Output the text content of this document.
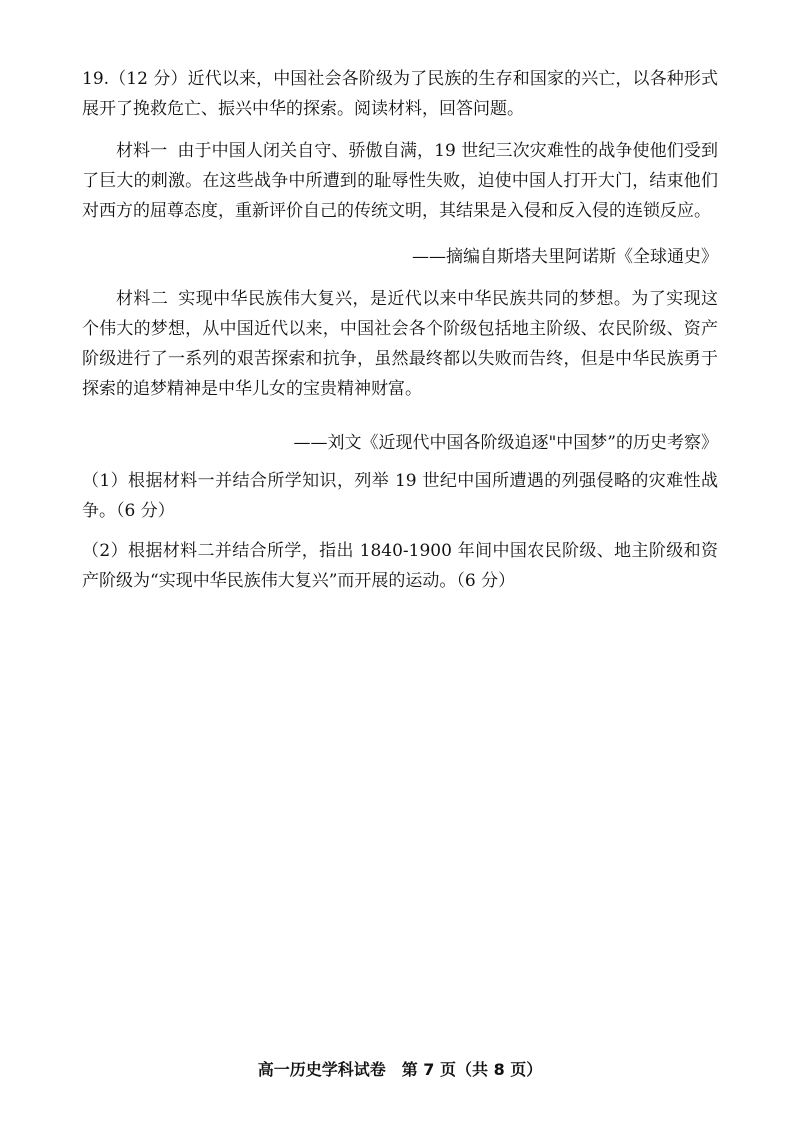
19.（12 分）近代以来，中国社会各阶级为了民族的生存和国家的兴亡，以各种形式展开了挽救危亡、振兴中华的探索。阅读材料，回答问题。

材料一 由于中国人闭关自守、骄傲自满，19 世纪三次灾难性的战争使他们受到了巨大的刺激。在这些战争中所遭到的耻辱性失败，迫使中国人打开大门，结束他们对西方的屈尊态度，重新评价自己的传统文明，其结果是入侵和反入侵的连锁反应。

——摘编自斯塔夫里阿诺斯《全球通史》

材料二 实现中华民族伟大复兴，是近代以来中华民族共同的梦想。为了实现这个伟大的梦想，从中国近代以来，中国社会各个阶级包括地主阶级、农民阶级、资产阶级进行了一系列的艰苦探索和抗争，虽然最终都以失败而告终，但是中华民族勇于探索的追梦精神是中华儿女的宝贵精神财富。

——刘文《近现代中国各阶级追逐"中国梦”的历史考察》

（1）根据材料一并结合所学知识，列举 19 世纪中国所遭遇的列强侵略的灾难性战争。（6 分）

（2）根据材料二并结合所学，指出 1840-1900 年间中国农民阶级、地主阶级和资产阶级为“实现中华民族伟大复兴”而开展的运动。（6 分）

高一历史学科试卷　第 7 页（共 8 页）
